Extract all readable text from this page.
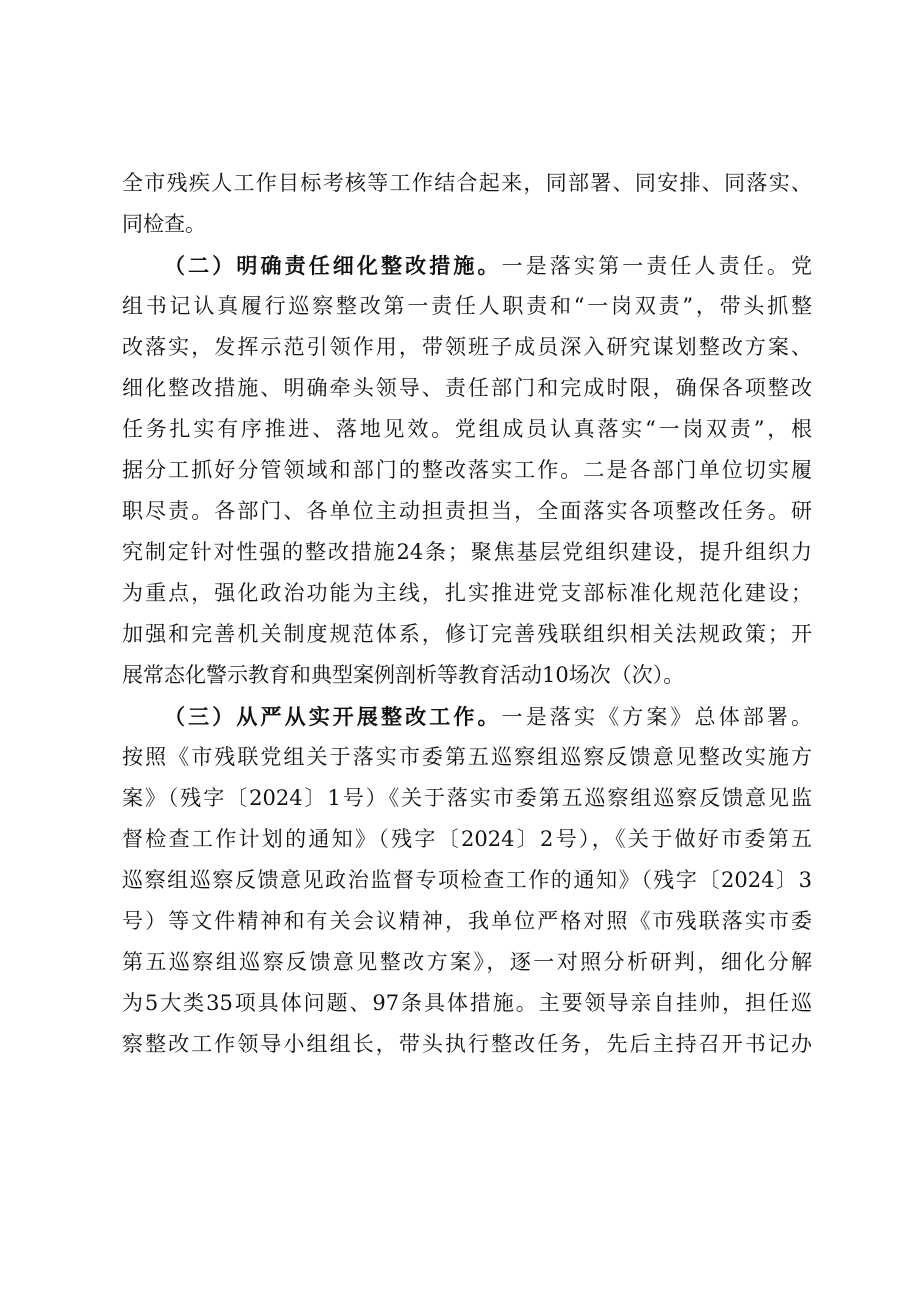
全市残疾人工作目标考核等工作结合起来，同部署、同安排、同落实、
同检查。
（二）明确责任细化整改措施。一是落实第一责任人责任。党
组书记认真履行巡察整改第一责任人职责和“一岗双责”，带头抓整
改落实，发挥示范引领作用，带领班子成员深入研究谋划整改方案、
细化整改措施、明确牵头领导、责任部门和完成时限，确保各项整改
任务扎实有序推进、落地见效。党组成员认真落实“一岗双责”，根
据分工抓好分管领域和部门的整改落实工作。二是各部门单位切实履
职尽责。各部门、各单位主动担责担当，全面落实各项整改任务。研
究制定针对性强的整改措施24条；聚焦基层党组织建设，提升组织力
为重点，强化政治功能为主线，扎实推进党支部标准化规范化建设；
加强和完善机关制度规范体系，修订完善残联组织相关法规政策；开
展常态化警示教育和典型案例剖析等教育活动10场次（次）。
（三）从严从实开展整改工作。一是落实《方案》总体部署。
按照《市残联党组关于落实市委第五巡察组巡察反馈意见整改实施方
案》（残字〔2024〕1号）《关于落实市委第五巡察组巡察反馈意见监
督检查工作计划的通知》（残字〔2024〕2号），《关于做好市委第五
巡察组巡察反馈意见政治监督专项检查工作的通知》（残字〔2024〕3
号）等文件精神和有关会议精神，我单位严格对照《市残联落实市委
第五巡察组巡察反馈意见整改方案》，逐一对照分析研判，细化分解
为5大类35项具体问题、97条具体措施。主要领导亲自挂帅，担任巡
察整改工作领导小组组长，带头执行整改任务，先后主持召开书记办
